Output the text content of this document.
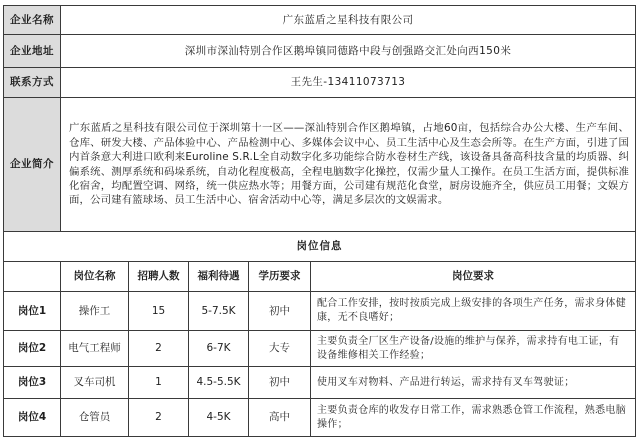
企业名称	广东蓝盾之星科技有限公司				
企业地址	深圳市深汕特别合作区鹅埠镇同德路中段与创强路交汇处向西150米				
联系方式	王先生-13411073713				
企业简介	广东蓝盾之星科技有限公司位于深圳第十一区——深汕特别合作区鹅埠镇，占地60亩，包括综合办公大楼、生产车间、仓库、研发大楼、产品体验中心、产品检测中心、多媒体会议中心、员工生活中心及生态会所等。在生产方面，引进了国内首条意大利进口欧利来Euroline S.R.L全自动数字化多功能综合防水卷材生产线，该设备具备高科技含量的均质器、纠偏系统、测厚系统和码垛系统，自动化程度极高，全程电脑数字化操控，仅需少量人工操作。在员工生活方面，提供标准化宿舍，均配置空调、网络，统一供应热水等；用餐方面，公司建有规范化食堂，厨房设施齐全，供应员工用餐；文娱方面，公司建有篮球场、员工生活中心、宿舍活动中心等，满足多层次的文娱需求。				
岗位信息					
	岗位名称	招聘人数	福利待遇	学历要求	岗位要求
岗位1	操作工	15	5-7.5K	初中	配合工作安排，按时按质完成上级安排的各项生产任务，需求身体健康，无不良嗜好；
岗位2	电气工程师	2	6-7K	大专	主要负责全厂区生产设备/设施的维护与保养，需求持有电工证，有设备维修相关工作经验；
岗位3	叉车司机	1	4.5-5.5K	初中	使用叉车对物料、产品进行转运，需求持有叉车驾驶证；
岗位4	仓管员	2	4-5K	高中	主要负责仓库的收发存日常工作，需求熟悉仓管工作流程，熟悉电脑操作；
